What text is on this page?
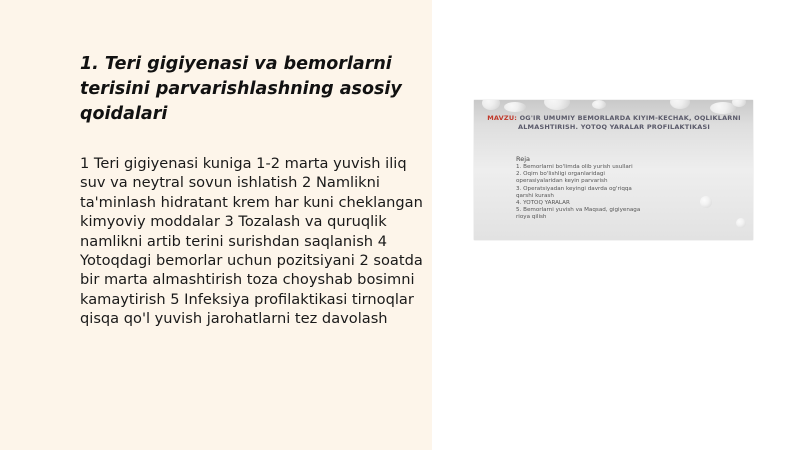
1. Teri gigiyenasi va bemorlarni terisini parvarishlashning asosiy qoidalari

1 Teri gigiyenasi kuniga 1-2 marta yuvish iliq suv va neytral sovun ishlatish 2 Namlikni ta'minlash hidratant krem har kuni cheklangan kimyoviy moddalar 3 Tozalash va quruqlik namlikni artib terini surishdan saqlanish 4 Yotoqdagi bemorlar uchun pozitsiyani 2 soatda bir marta almashtirish toza choyshab bosimni kamaytirish 5 Infeksiya profilaktikasi tirnoqlar qisqa qo'l yuvish jarohatlarni tez davolash

MAVZU: OG'IR UMUMIY BEMORLARDA KIYIM-KECHAK, OQLIKLARNI ALMASHTIRISH. YOTOQ YARALAR PROFILAKTIKASI
Reja
1. Bemorlarni bo'limda olib yurish usullari
2. Oqim bo'lishligi organlaridagi
operasiyalaridan keyin parvarish
3. Operatsiyadan keyingi davrda og'riqqa
qarshi kurash
4. YOTOQ YARALAR
5. Bemorlarni yuvish va Maqsad, gigiyenaga
rioya qilish
